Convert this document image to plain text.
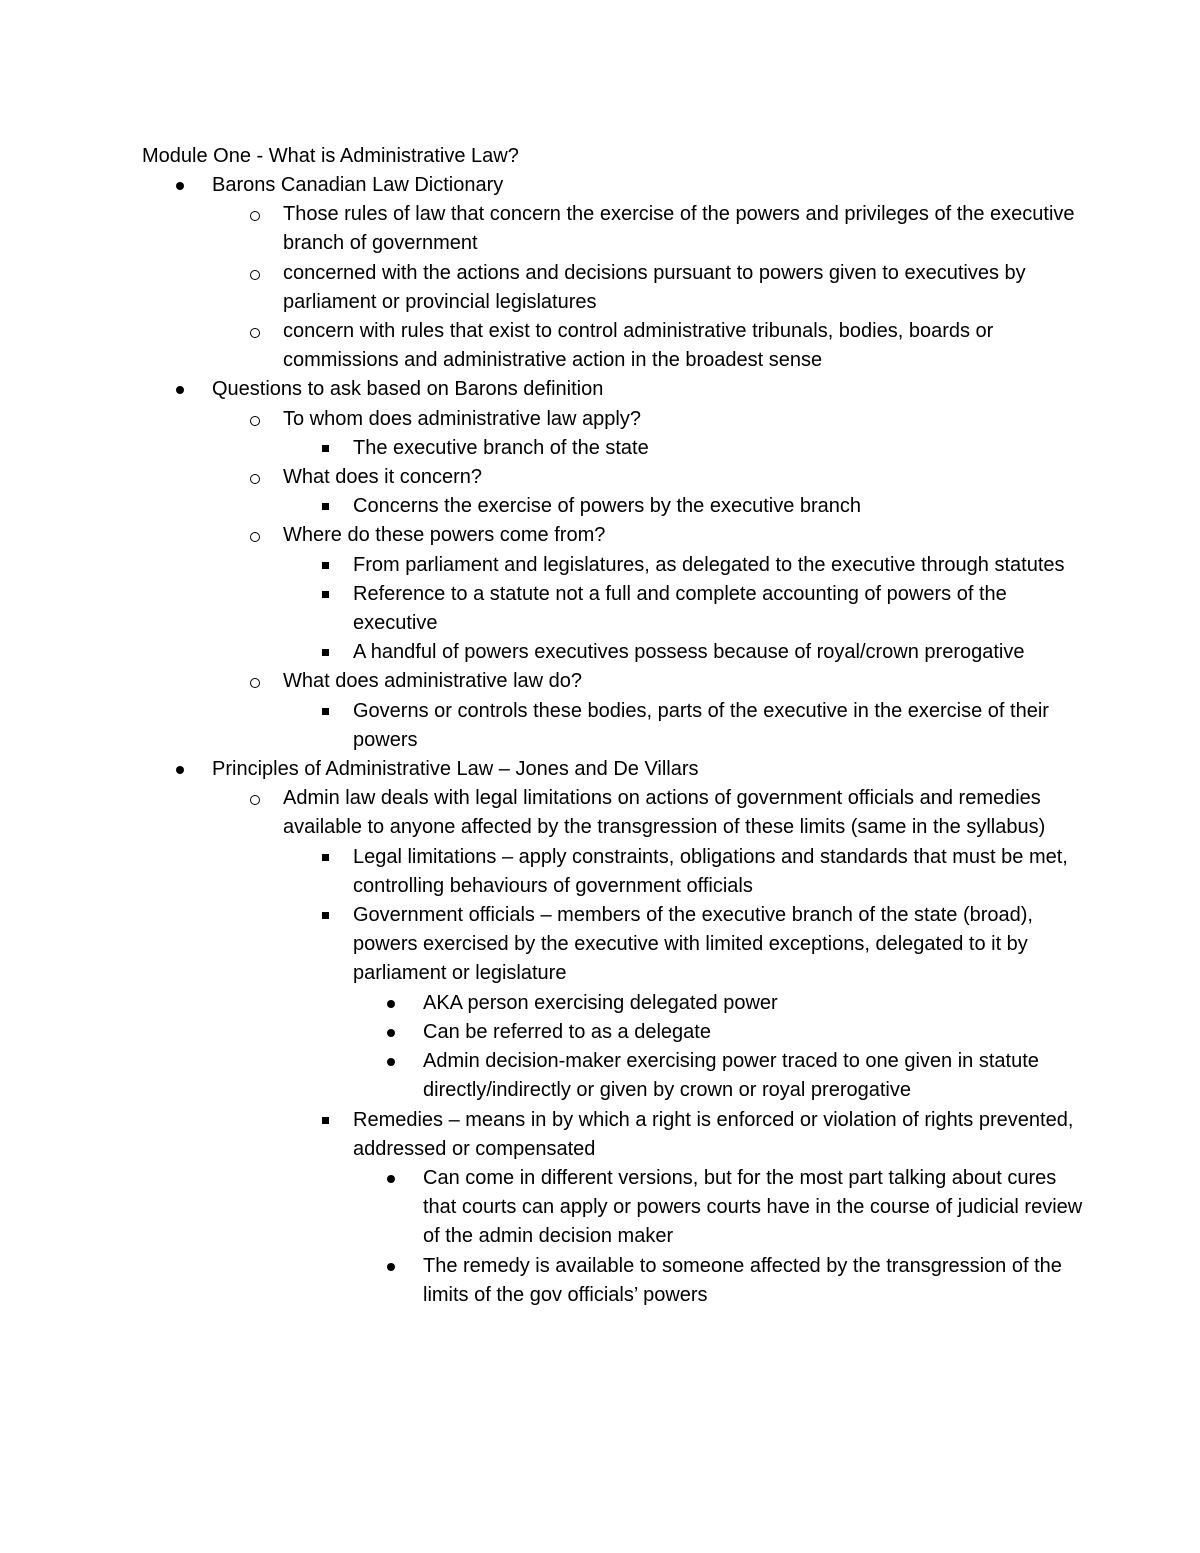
Module One - What is Administrative Law?
Barons Canadian Law Dictionary
Those rules of law that concern the exercise of the powers and privileges of the executive branch of government
concerned with the actions and decisions pursuant to powers given to executives by parliament or provincial legislatures
concern with rules that exist to control administrative tribunals, bodies, boards or commissions and administrative action in the broadest sense
Questions to ask based on Barons definition
To whom does administrative law apply?
The executive branch of the state
What does it concern?
Concerns the exercise of powers by the executive branch
Where do these powers come from?
From parliament and legislatures, as delegated to the executive through statutes
Reference to a statute not a full and complete accounting of powers of the executive
A handful of powers executives possess because of royal/crown prerogative
What does administrative law do?
Governs or controls these bodies, parts of the executive in the exercise of their powers
Principles of Administrative Law – Jones and De Villars
Admin law deals with legal limitations on actions of government officials and remedies available to anyone affected by the transgression of these limits (same in the syllabus)
Legal limitations – apply constraints, obligations and standards that must be met, controlling behaviours of government officials
Government officials – members of the executive branch of the state (broad), powers exercised by the executive with limited exceptions, delegated to it by parliament or legislature
AKA person exercising delegated power
Can be referred to as a delegate
Admin decision-maker exercising power traced to one given in statute directly/indirectly or given by crown or royal prerogative
Remedies – means in by which a right is enforced or violation of rights prevented, addressed or compensated
Can come in different versions, but for the most part talking about cures that courts can apply or powers courts have in the course of judicial review of the admin decision maker
The remedy is available to someone affected by the transgression of the limits of the gov officials’ powers
